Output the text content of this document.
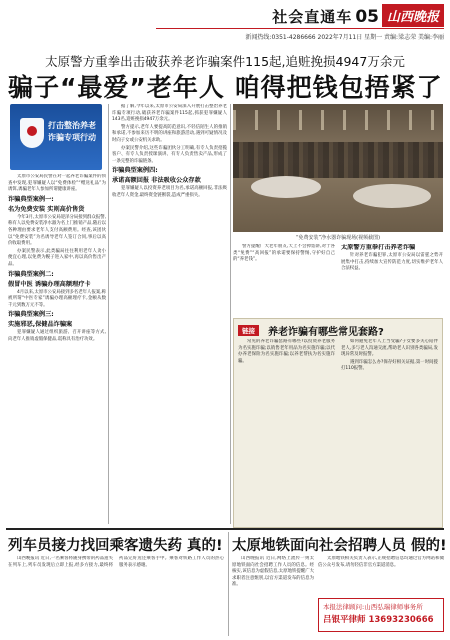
社会直通车 05 山西晚报
新闻热线:0351-4286666 2022年7月11日 星期一 责编:梁志荣 美编:李丽
太原警方重拳出击破获养老诈骗案件115起,追赃挽损4947万余元
骗子“最爱”老年人 咱得把钱包捂紧了
打击整治养老诈骗专项行动

太原市公安局民警在对一起养老诈骗案件的侦查中发现,犯罪嫌疑人以“免费体检”“赠送礼品”为诱饵,诱骗老年人参加所谓健康讲座。

诈骗典型案例一:
名为免费安装 实则高价售货

今年3月,太原市公安局迎泽分局接到群众报警,称有人以免费安装净水器为名上门推销产品,随后以各种理由要求老年人支付高额费用。经查,该团伙以“免费安装”为名诱导老年人签订合同,事后以高价收取费用。

办案民警表示,此类骗局往往利用老年人贪小便宜心理,以免费为幌子进入家中,再以高价售出产品。

诈骗典型案例二:
假冒中医 诱骗办理高额理疗卡

4月以来,太原市公安局接到多名老年人报案,称被所谓“中医专家”诱骗办理高额理疗卡,金额从数千元到数万元不等。

诈骗典型案例三:
实施邪恶,保健品诈骗案

犯罪嫌疑人通过组织旅游、召开讲座等方式,向老年人推销虚假保健品,谎称具有治疗功效。

据了解,今年以来,太原市公安局深入开展打击整治养老诈骗专项行动,破获养老诈骗案件115起,抓获犯罪嫌疑人143名,追赃挽损4947万余元。

警方提示,老年人要提高防范意识,不轻信陌生人的推销和承诺,不参加来历不明的讲座和旅游活动,遇到可疑情况及时向子女或公安机关求助。

办案民警介绍,这些诈骗团伙分工明确,有专人负责招揽客户、有专人负责授课演讲、有专人负责售卖产品,形成了一条完整的诈骗链条。

诈骗典型案例四:
承诺高额回报 非法吸收公众存款

犯罪嫌疑人以投资养老项目为名,承诺高额回报,非法吸收老年人资金,最终资金链断裂,造成严重损失。

“免费安装”净水器诈骗现场(视频截图)

警方提醒广大老年朋友,天上不会掉馅饼,对于各类“免费”“高回报”的承诺要保持警惕,守护好自己的“养老钱”。

太原警方重拳打击养老诈骗

针对养老诈骗犯罪,太原市公安局以雷霆之势开展集中打击,持续加大宣传防范力度,切实维护老年人合法权益。

链接	养老诈骗有哪些常见套路?

常见的养老诈骗套路有哪些?以投资养老服务为名实施诈骗;以销售老年用品为名实施诈骗;以代办养老保险为名实施诈骗;以养老帮扶为名实施诈骗。

如何避免老年人上当受骗?子女要多关心陪伴老人,多与老人沟通交流,帮助老人识别各类骗局,发现异常及时报警。

遇到诈骗怎么办?保存好相关证据,第一时间拨打110报警。

列车员接力找回乘客遗失药 真的! 太原地铁面向社会招聘人员 假的!

山西晚报讯 近日,一名乘客将随身携带的药品遗失在列车上,列车员发现后立即上报,经多方接力,最终将药品完好送还乘客手中。乘客对铁路工作人员的热心服务表示感谢。

山西晚报讯 近日,网络上流传一则太原地铁面向社会招聘工作人员的信息。经核实,该信息为虚假信息,太原地铁提醒广大求职者注意甄别,以官方渠道发布的信息为准。

太原地铁相关负责人表示,正规招聘信息均通过官方网站和微信公众号发布,请勿轻信非官方渠道消息。

本报法律顾问:山西弘瑞律师事务所
吕银平律师 13693230666
